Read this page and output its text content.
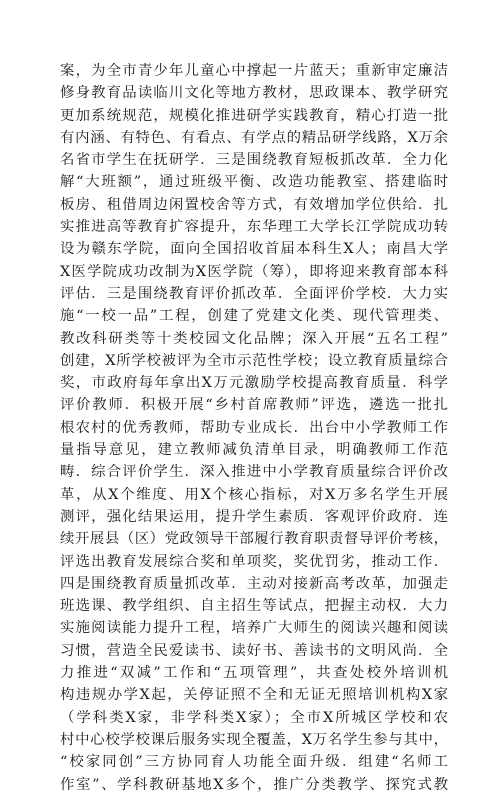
案，为全市青少年儿童心中撑起一片蓝天；重新审定廉洁
修身教育品读临川文化等地方教材，思政课本、教学研究
更加系统规范，规模化推进研学实践教育，精心打造一批
有内涵、有特色、有看点、有学点的精品研学线路，X万余
名省市学生在抚研学．三是围绕教育短板抓改革．全力化
解“大班额”，通过班级平衡、改造功能教室、搭建临时
板房、租借周边闲置校舍等方式，有效增加学位供给．扎
实推进高等教育扩容提升，东华理工大学长江学院成功转
设为赣东学院，面向全国招收首届本科生X人；南昌大学
X医学院成功改制为X医学院（筹），即将迎来教育部本科
评估．三是围绕教育评价抓改革．全面评价学校．大力实
施“一校一品”工程，创建了党建文化类、现代管理类、
教改科研类等十类校园文化品牌；深入开展“五名工程”
创建，X所学校被评为全市示范性学校；设立教育质量综合
奖，市政府每年拿出X万元激励学校提高教育质量．科学
评价教师．积极开展“乡村首席教师”评选，遴选一批扎
根农村的优秀教师，帮助专业成长．出台中小学教师工作
量指导意见，建立教师减负清单目录，明确教师工作范
畴．综合评价学生．深入推进中小学教育质量综合评价改
革，从X个维度、用X个核心指标，对X万多名学生开展
测评，强化结果运用，提升学生素质．客观评价政府．连
续开展县（区）党政领导干部履行教育职责督导评价考核，
评选出教育发展综合奖和单项奖，奖优罚劣，推动工作．
四是围绕教育质量抓改革．主动对接新高考改革，加强走
班选课、教学组织、自主招生等试点，把握主动权．大力
实施阅读能力提升工程，培养广大师生的阅读兴趣和阅读
习惯，营造全民爱读书、读好书、善读书的文明风尚．全
力推进“双减”工作和“五项管理”，共查处校外培训机
构违规办学X起，关停证照不全和无证无照培训机构X家
（学科类X家，非学科类X家）；全市X所城区学校和农
村中心校学校课后服务实现全覆盖，X万名学生参与其中，
“校家同创”三方协同育人功能全面升级．组建“名师工
作室”、学科教研基地X多个，推广分类教学、探究式教
